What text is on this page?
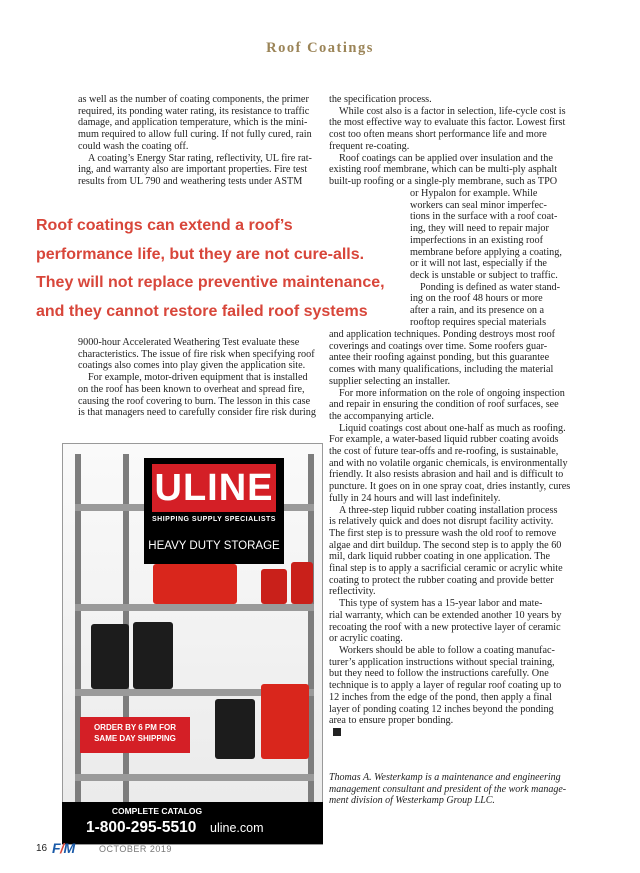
Roof Coatings
as well as the number of coating components, the primer
required, its ponding water rating, its resistance to traffic
damage, and application temperature, which is the mini-
mum required to allow full curing. If not fully cured, rain
could wash the coating off.
A coating’s Energy Star rating, reflectivity, UL fire rat-
ing, and warranty also are important properties. Fire test
results from UL 790 and weathering tests under ASTM
Roof coatings can extend a roof’s
performance life, but they are not cure-alls.
They will not replace preventive maintenance,
and they cannot restore failed roof systems
9000-hour Accelerated Weathering Test evaluate these
characteristics. The issue of fire risk when specifying roof
coatings also comes into play given the application site.
For example, motor-driven equipment that is installed
on the roof has been known to overheat and spread fire,
causing the roof covering to burn. The lesson in this case
is that managers need to carefully consider fire risk during
the specification process.
While cost also is a factor in selection, life-cycle cost is
the most effective way to evaluate this factor. Lowest first
cost too often means short performance life and more
frequent re-coating.
Roof coatings can be applied over insulation and the
existing roof membrane, which can be multi-ply asphalt
built-up roofing or a single-ply membrane, such as TPO
or Hypalon for example. While
workers can seal minor imperfec-
tions in the surface with a roof coat-
ing, they will need to repair major
imperfections in an existing roof
membrane before applying a coating,
or it will not last, especially if the
deck is unstable or subject to traffic.
Ponding is defined as water stand-
ing on the roof 48 hours or more
after a rain, and its presence on a
rooftop requires special materials
and application techniques. Ponding destroys most roof
coverings and coatings over time. Some roofers guar-
antee their roofing against ponding, but this guarantee
comes with many qualifications, including the material
supplier selecting an installer.
For more information on the role of ongoing inspection
and repair in ensuring the condition of roof surfaces, see
the accompanying article.
Liquid coatings cost about one-half as much as roofing.
For example, a water-based liquid rubber coating avoids
the cost of future tear-offs and re-roofing, is sustainable,
and with no volatile organic chemicals, is environmentally
friendly. It also resists abrasion and hail and is difficult to
puncture. It goes on in one spray coat, dries instantly, cures
fully in 24 hours and will last indefinitely.
A three-step liquid rubber coating installation process
is relatively quick and does not disrupt facility activity.
The first step is to pressure wash the old roof to remove
algae and dirt buildup. The second step is to apply the 60
mil, dark liquid rubber coating in one application. The
final step is to apply a sacrificial ceramic or acrylic white
coating to protect the rubber coating and provide better
reflectivity.
This type of system has a 15-year labor and mate-
rial warranty, which can be extended another 10 years by
recoating the roof with a new protective layer of ceramic
or acrylic coating.
Workers should be able to follow a coating manufac-
turer’s application instructions without special training,
but they need to follow the instructions carefully. One
technique is to apply a layer of regular roof coating up to
12 inches from the edge of the pond, then apply a final
layer of ponding coating 12 inches beyond the ponding
area to ensure proper bonding.
Thomas A. Westerkamp is a maintenance and engineering
management consultant and president of the work manage-
ment division of Westerkamp Group LLC.
ULINE
SHIPPING SUPPLY SPECIALISTS
HEAVY DUTY STORAGE
ORDER BY 6 PM FOR
SAME DAY SHIPPING
COMPLETE CATALOG
1-800-295-5510 uline.com
16 F/M	OCTOBER 2019
